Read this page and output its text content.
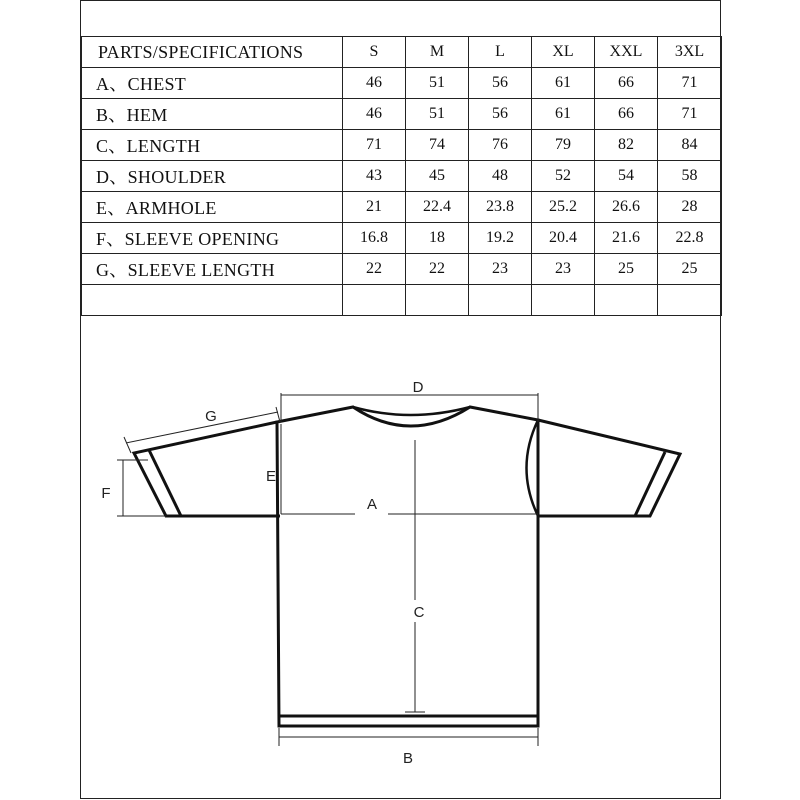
PARTS/SPECIFICATIONS	S	M	L	XL	XXL	3XL
A、CHEST	46	51	56	61	66	71
B、HEM	46	51	56	61	66	71
C、LENGTH	71	74	76	79	82	84
D、SHOULDER	43	45	48	52	54	58
E、ARMHOLE	21	22.4	23.8	25.2	26.6	28
F、SLEEVE OPENING	16.8	18	19.2	20.4	21.6	22.8
G、SLEEVE LENGTH	22	22	23	23	25	25

D
C
A
E
B
F
G
